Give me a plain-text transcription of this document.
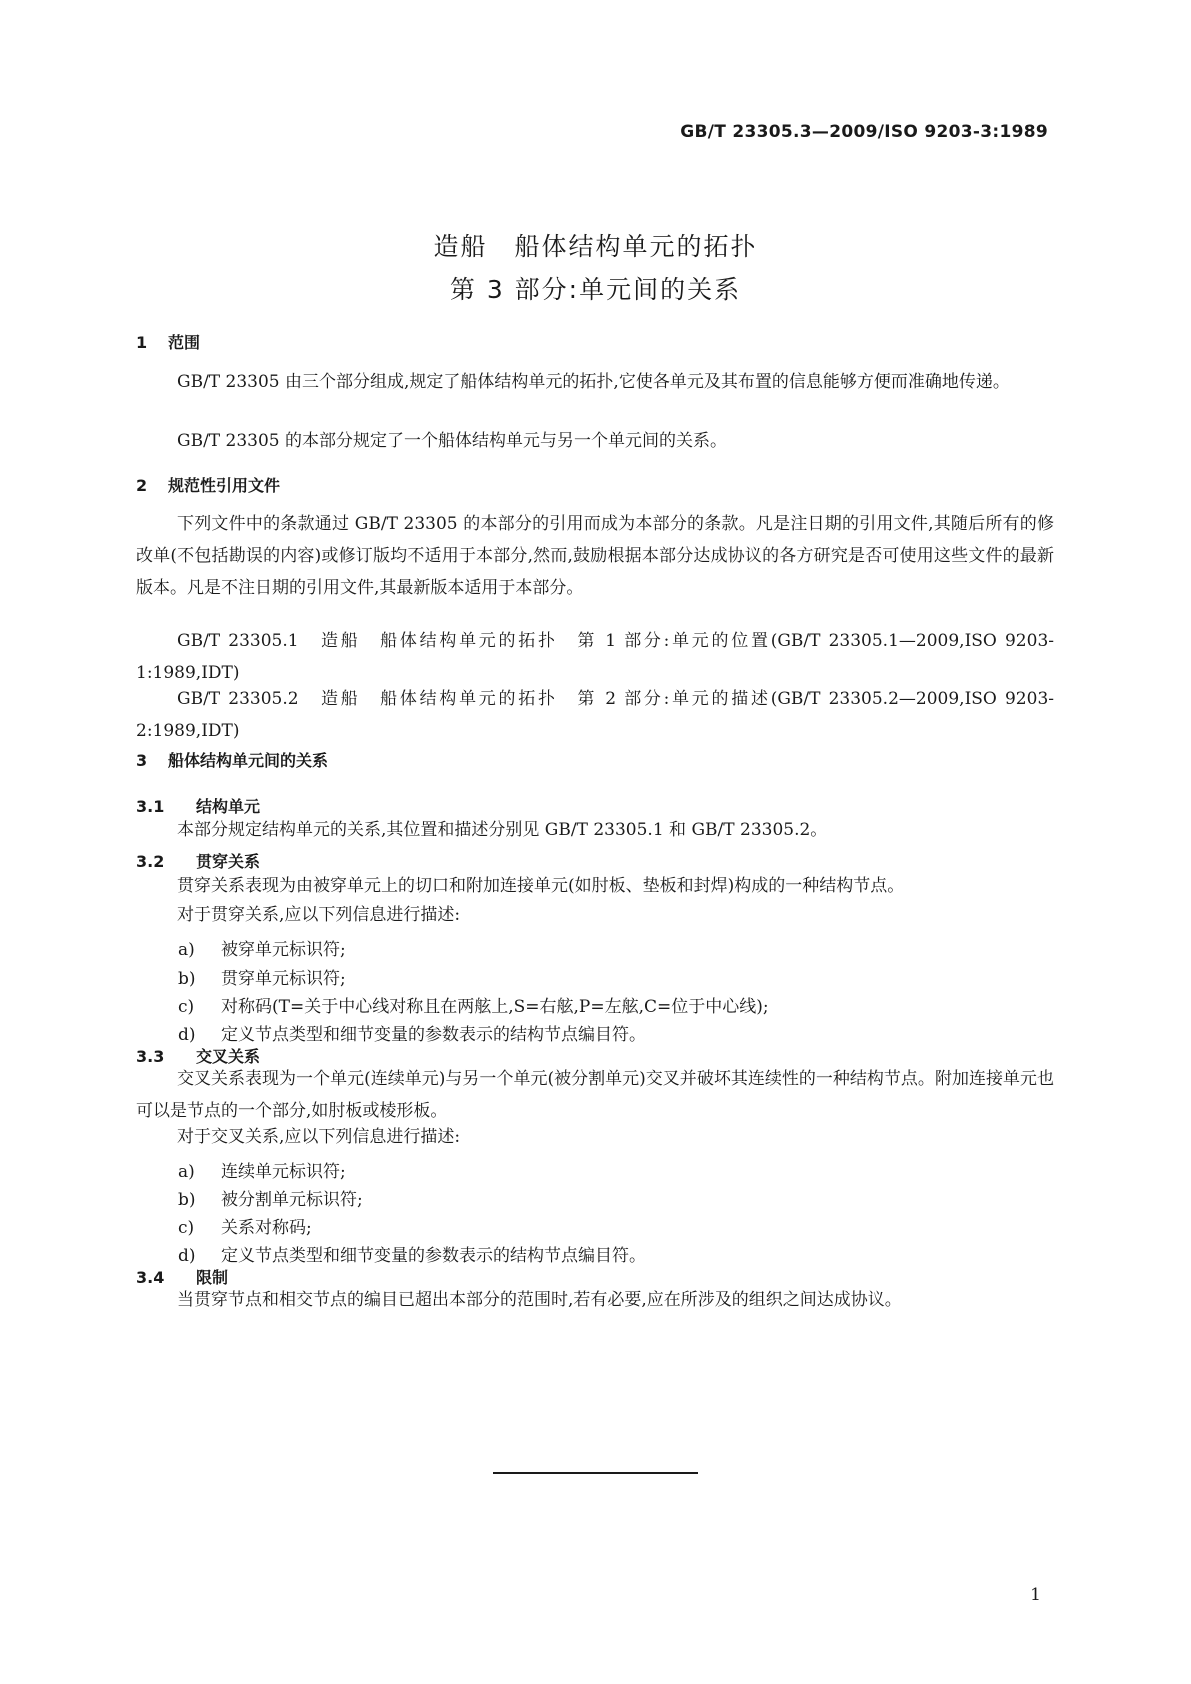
GB/T 23305.3—2009/ISO 9203-3:1989
造船　船体结构单元的拓扑
第 3 部分:单元间的关系
1 范围
GB/T 23305 由三个部分组成,规定了船体结构单元的拓扑,它使各单元及其布置的信息能够方便而准确地传递。
GB/T 23305 的本部分规定了一个船体结构单元与另一个单元间的关系。
2 规范性引用文件
下列文件中的条款通过 GB/T 23305 的本部分的引用而成为本部分的条款。凡是注日期的引用文件,其随后所有的修改单(不包括勘误的内容)或修订版均不适用于本部分,然而,鼓励根据本部分达成协议的各方研究是否可使用这些文件的最新版本。凡是不注日期的引用文件,其最新版本适用于本部分。
GB/T 23305.1　造船　船体结构单元的拓扑　第 1 部分:单元的位置(GB/T 23305.1—2009,ISO 9203-1:1989,IDT)
GB/T 23305.2　造船　船体结构单元的拓扑　第 2 部分:单元的描述(GB/T 23305.2—2009,ISO 9203-2:1989,IDT)
3 船体结构单元间的关系
3.1 结构单元
本部分规定结构单元的关系,其位置和描述分别见 GB/T 23305.1 和 GB/T 23305.2。
3.2 贯穿关系
贯穿关系表现为由被穿单元上的切口和附加连接单元(如肘板、垫板和封焊)构成的一种结构节点。
对于贯穿关系,应以下列信息进行描述:
a) 被穿单元标识符;
b) 贯穿单元标识符;
c) 对称码(T=关于中心线对称且在两舷上,S=右舷,P=左舷,C=位于中心线);
d) 定义节点类型和细节变量的参数表示的结构节点编目符。
3.3 交叉关系
交叉关系表现为一个单元(连续单元)与另一个单元(被分割单元)交叉并破坏其连续性的一种结构节点。附加连接单元也可以是节点的一个部分,如肘板或棱形板。
对于交叉关系,应以下列信息进行描述:
a) 连续单元标识符;
b) 被分割单元标识符;
c) 关系对称码;
d) 定义节点类型和细节变量的参数表示的结构节点编目符。
3.4 限制
当贯穿节点和相交节点的编目已超出本部分的范围时,若有必要,应在所涉及的组织之间达成协议。
1
